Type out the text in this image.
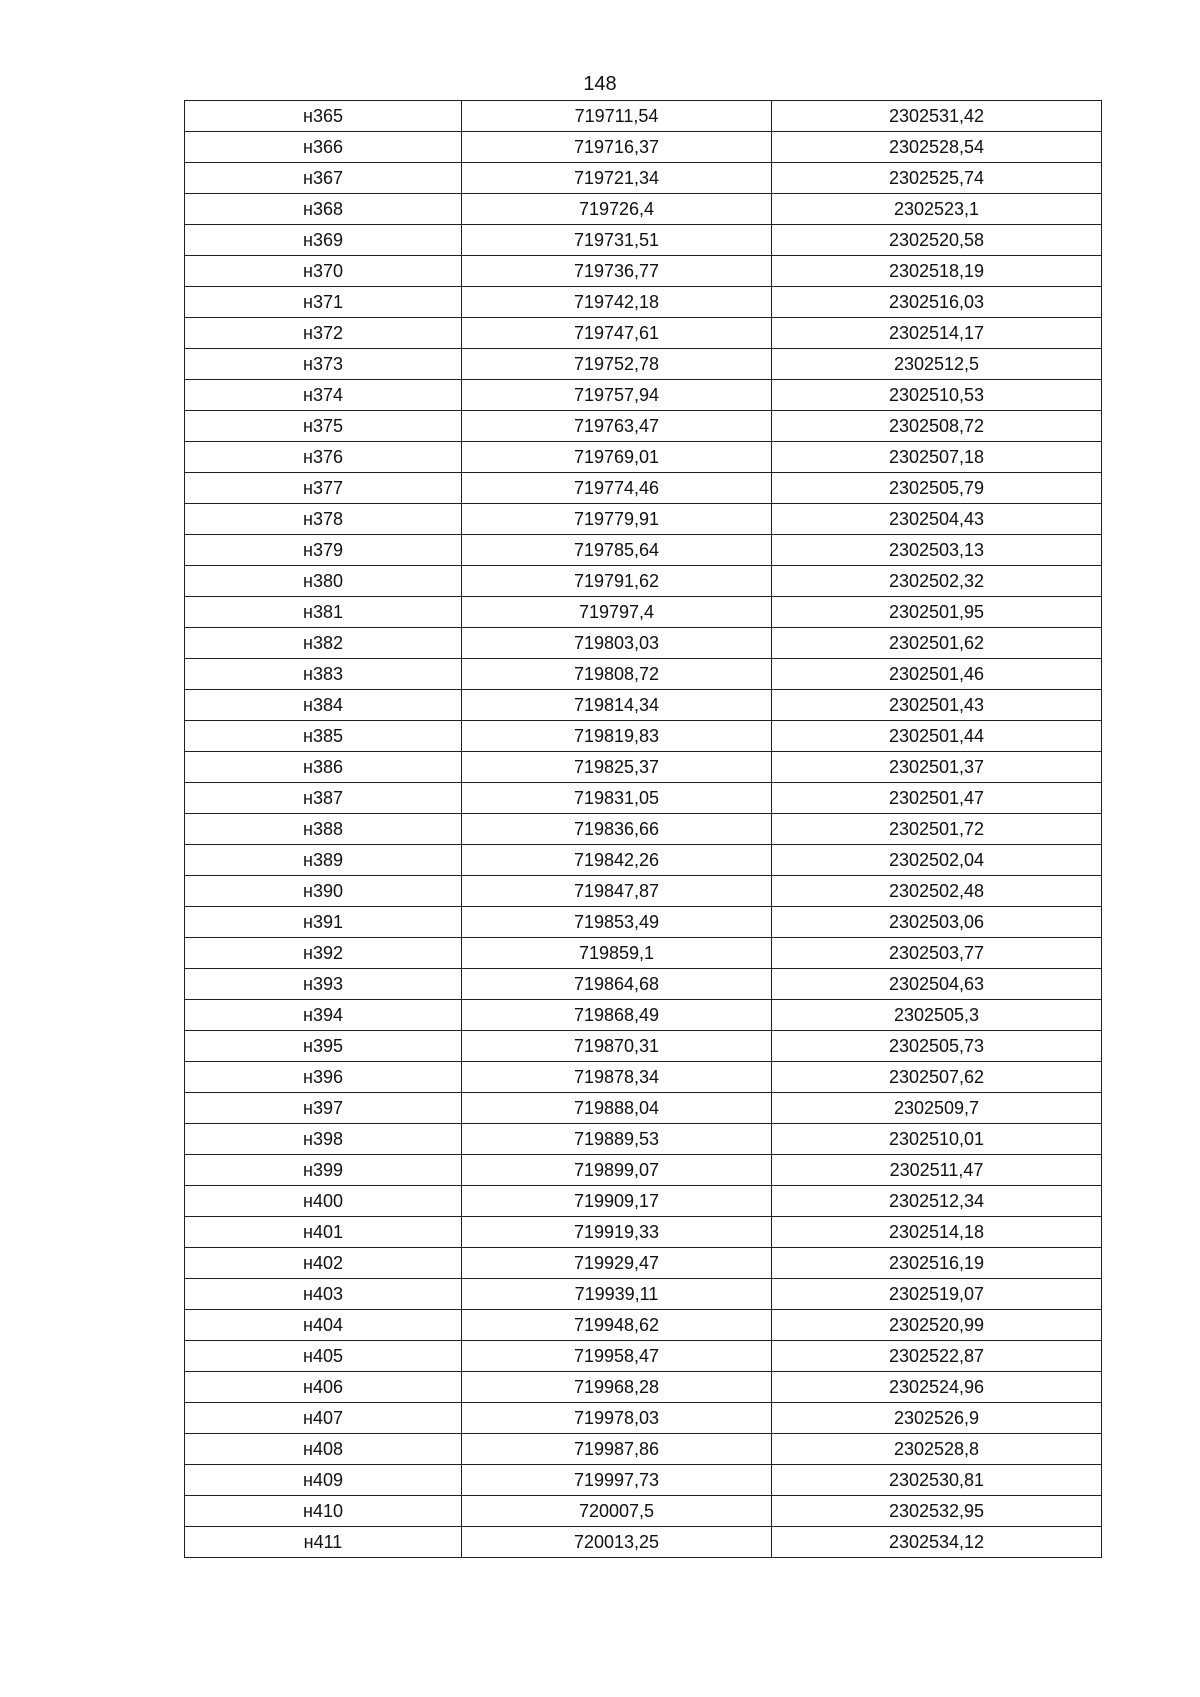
148
н365	719711,54	2302531,42
н366	719716,37	2302528,54
н367	719721,34	2302525,74
н368	719726,4	2302523,1
н369	719731,51	2302520,58
н370	719736,77	2302518,19
н371	719742,18	2302516,03
н372	719747,61	2302514,17
н373	719752,78	2302512,5
н374	719757,94	2302510,53
н375	719763,47	2302508,72
н376	719769,01	2302507,18
н377	719774,46	2302505,79
н378	719779,91	2302504,43
н379	719785,64	2302503,13
н380	719791,62	2302502,32
н381	719797,4	2302501,95
н382	719803,03	2302501,62
н383	719808,72	2302501,46
н384	719814,34	2302501,43
н385	719819,83	2302501,44
н386	719825,37	2302501,37
н387	719831,05	2302501,47
н388	719836,66	2302501,72
н389	719842,26	2302502,04
н390	719847,87	2302502,48
н391	719853,49	2302503,06
н392	719859,1	2302503,77
н393	719864,68	2302504,63
н394	719868,49	2302505,3
н395	719870,31	2302505,73
н396	719878,34	2302507,62
н397	719888,04	2302509,7
н398	719889,53	2302510,01
н399	719899,07	2302511,47
н400	719909,17	2302512,34
н401	719919,33	2302514,18
н402	719929,47	2302516,19
н403	719939,11	2302519,07
н404	719948,62	2302520,99
н405	719958,47	2302522,87
н406	719968,28	2302524,96
н407	719978,03	2302526,9
н408	719987,86	2302528,8
н409	719997,73	2302530,81
н410	720007,5	2302532,95
н411	720013,25	2302534,12
